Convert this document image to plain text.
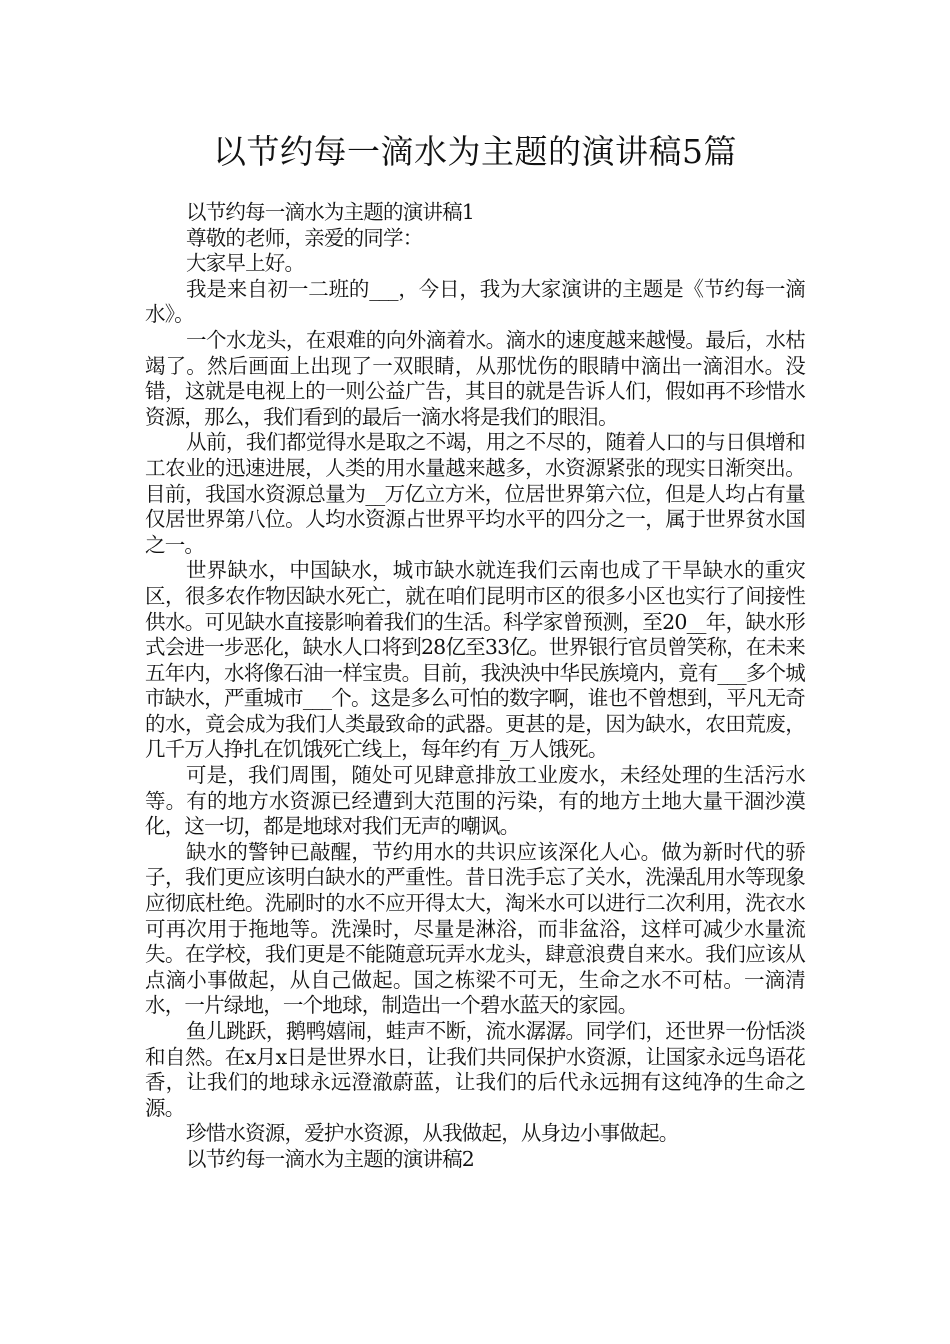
以节约每一滴水为主题的演讲稿5篇

以节约每一滴水为主题的演讲稿1

尊敬的老师，亲爱的同学：

大家早上好。

我是来自初一二班的___，今日，我为大家演讲的主题是《节约每一滴水》。

一个水龙头，在艰难的向外滴着水。滴水的速度越来越慢。最后，水枯竭了。然后画面上出现了一双眼睛，从那忧伤的眼睛中滴出一滴泪水。没错，这就是电视上的一则公益广告，其目的就是告诉人们，假如再不珍惜水资源，那么，我们看到的最后一滴水将是我们的眼泪。

从前，我们都觉得水是取之不竭，用之不尽的，随着人口的与日俱增和工农业的迅速进展，人类的用水量越来越多，水资源紧张的现实日渐突出。目前，我国水资源总量为__万亿立方米，位居世界第六位，但是人均占有量仅居世界第八位。人均水资源占世界平均水平的四分之一，属于世界贫水国之一。

世界缺水，中国缺水，城市缺水就连我们云南也成了干旱缺水的重灾区，很多农作物因缺水死亡，就在咱们昆明市区的很多小区也实行了间接性供水。可见缺水直接影响着我们的生活。科学家曾预测，至20__年，缺水形式会进一步恶化，缺水人口将到28亿至33亿。世界银行官员曾笑称，在未来五年内，水将像石油一样宝贵。目前，我泱泱中华民族境内，竟有___多个城市缺水，严重城市___个。这是多么可怕的数字啊，谁也不曾想到，平凡无奇的水，竟会成为我们人类最致命的武器。更甚的是，因为缺水，农田荒废，几千万人挣扎在饥饿死亡线上，每年约有_万人饿死。

可是，我们周围，随处可见肆意排放工业废水，未经处理的生活污水等。有的地方水资源已经遭到大范围的污染，有的地方土地大量干涸沙漠化，这一切，都是地球对我们无声的嘲讽。

缺水的警钟已敲醒，节约用水的共识应该深化人心。做为新时代的骄子，我们更应该明白缺水的严重性。昔日洗手忘了关水，洗澡乱用水等现象应彻底杜绝。洗刷时的水不应开得太大，淘米水可以进行二次利用，洗衣水可再次用于拖地等。洗澡时，尽量是淋浴，而非盆浴，这样可减少水量流失。在学校，我们更是不能随意玩弄水龙头，肆意浪费自来水。我们应该从点滴小事做起，从自己做起。国之栋梁不可无，生命之水不可枯。一滴清水，一片绿地，一个地球，制造出一个碧水蓝天的家园。

鱼儿跳跃，鹅鸭嬉闹，蛙声不断，流水潺潺。同学们，还世界一份恬淡和自然。在x月x日是世界水日，让我们共同保护水资源，让国家永远鸟语花香，让我们的地球永远澄澈蔚蓝，让我们的后代永远拥有这纯净的生命之源。

珍惜水资源，爱护水资源，从我做起，从身边小事做起。

以节约每一滴水为主题的演讲稿2
